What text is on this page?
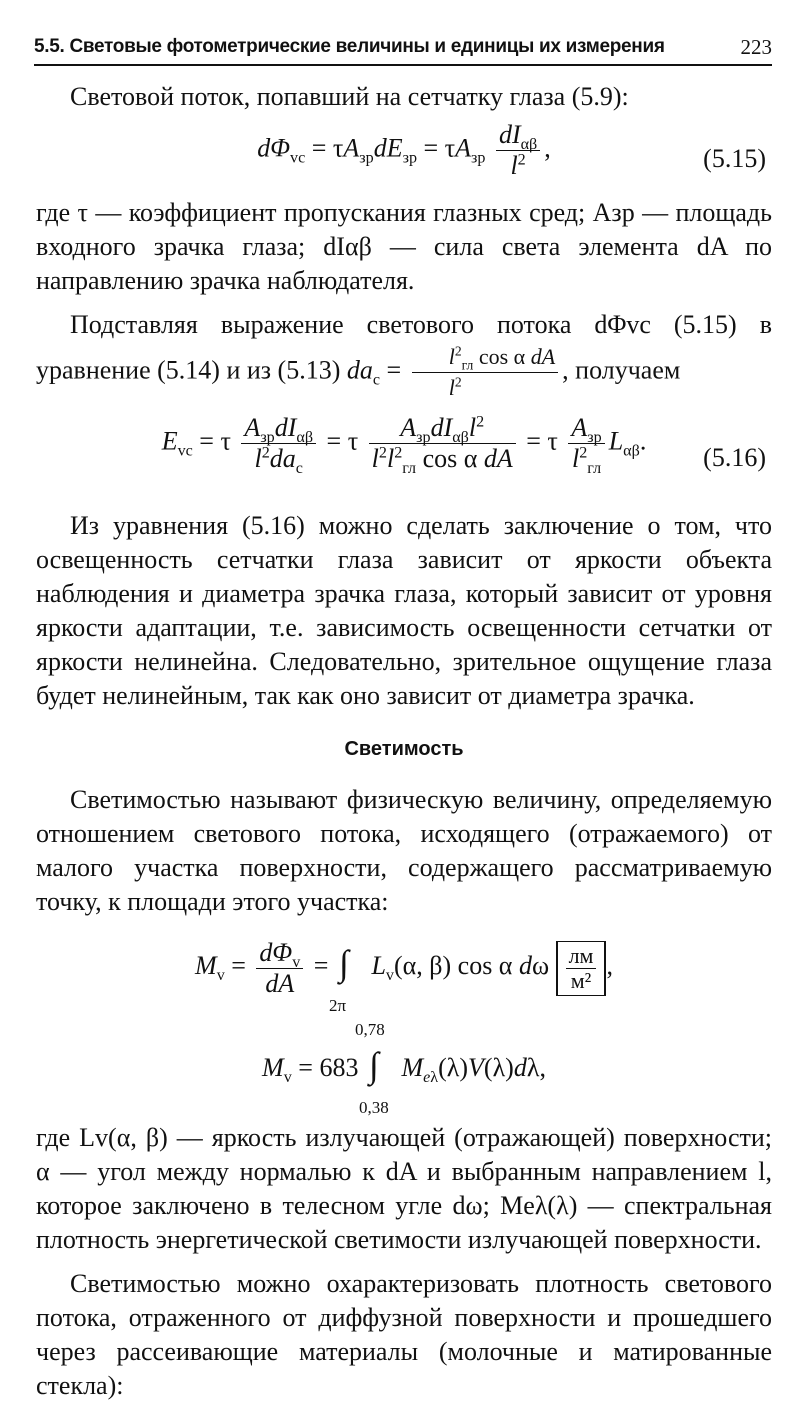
5.5. Световые фотометрические величины и единицы их измерения	223

Световой поток, попавший на сетчатку глаза (5.9):

$d\Phi_{vc} = \tau A_{зр}dE_{зр} = \tau A_{зр} \frac{dI_{\alpha\beta}}{l^2}$ ,	(5.15)

где τ — коэффициент пропускания глазных сред; Aзр — площадь входного зрачка глаза; dIαβ — сила света элемента dA по направлению зрачка наблюдателя.

Подставляя выражение светового потока dΦvc (5.15) в уравнение (5.14) и из (5.13) $da_c = \frac{l^2_{гл} \cos \alpha dA}{l^2}$ , получаем

$E_{vc} = \tau \frac{A_{зр}dI_{\alpha\beta}}{l^2da_c} = \tau \frac{A_{зр}dI_{\alpha\beta}l^2}{l^2l^2_{гл} \cos \alpha dA} = \tau \frac{A_{зр}}{l^2_{гл}} L_{\alpha\beta}$.
(5.16)

Из уравнения (5.16) можно сделать заключение о том, что освещенность сетчатки глаза зависит от яркости объекта наблюдения и диаметра зрачка глаза, который зависит от уровня яркости адаптации, т.е. зависимость освещенности сетчатки от яркости нелинейна. Следовательно, зрительное ощущение глаза будет нелинейным, так как оно зависит от диаметра зрачка.

Светимость

Светимостью называют физическую величину, определяемую отношением светового потока, исходящего (отражаемого) от малого участка поверхности, содержащего рассматриваемую точку, к площади этого участка:

$M_v = \frac{d\Phi_v}{dA}$ = ∫
2π
$L_v(\alpha$, β) cos α dω $\frac{лм}{\text{м²}}$ ,
$M_v = 683$
0,78
∫
0,38
$M_{e\lambda}(\lambda)V(\lambda)d\lambda$,

где Lv(α, β) — яркость излучающей (отражающей) поверхности; α — угол между нормалью к dA и выбранным направлением l, которое заключено в телесном угле dω; Meλ(λ) — спектральная плотность энергетической светимости излучающей поверхности.

Светимостью можно охарактеризовать плотность светового потока, отраженного от диффузной поверхности и прошедшего через рассеивающие материалы (молочные и матированные стекла):
